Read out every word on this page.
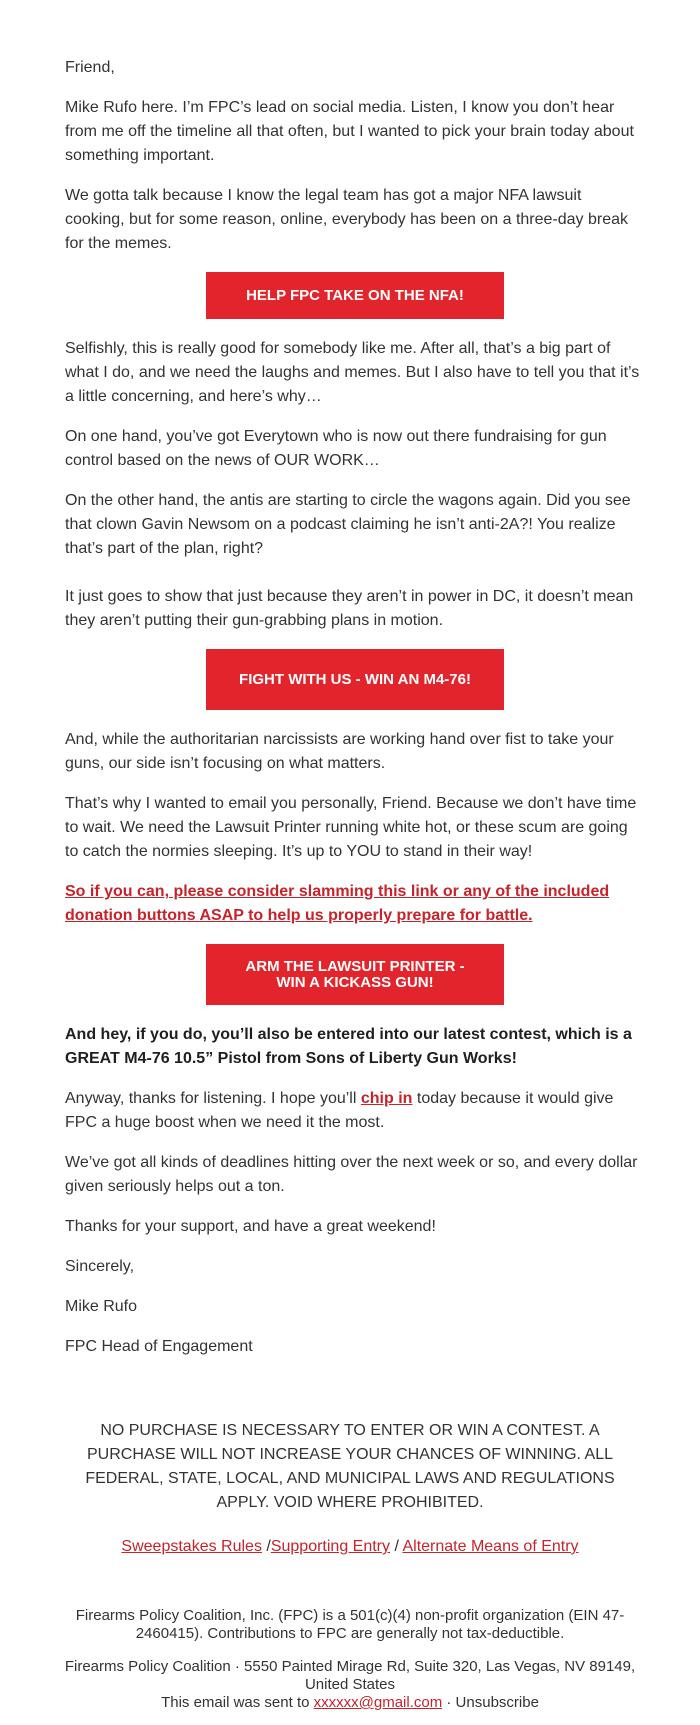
Friend,

Mike Rufo here. I’m FPC’s lead on social media. Listen, I know you don’t hear from me off the timeline all that often, but I wanted to pick your brain today about something important.

We gotta talk because I know the legal team has got a major NFA lawsuit cooking, but for some reason, online, everybody has been on a three-day break for the memes.

HELP FPC TAKE ON THE NFA!

Selfishly, this is really good for somebody like me. After all, that’s a big part of what I do, and we need the laughs and memes. But I also have to tell you that it’s a little concerning, and here’s why…

On one hand, you’ve got Everytown who is now out there fundraising for gun control based on the news of OUR WORK…

On the other hand, the antis are starting to circle the wagons again. Did you see that clown Gavin Newsom on a podcast claiming he isn’t anti-2A?! You realize that’s part of the plan, right?

It just goes to show that just because they aren’t in power in DC, it doesn’t mean they aren’t putting their gun-grabbing plans in motion.

FIGHT WITH US - WIN AN M4-76!

And, while the authoritarian narcissists are working hand over fist to take your guns, our side isn’t focusing on what matters.

That’s why I wanted to email you personally, Friend. Because we don’t have time to wait. We need the Lawsuit Printer running white hot, or these scum are going to catch the normies sleeping. It’s up to YOU to stand in their way!

So if you can, please consider slamming this link or any of the included donation buttons ASAP to help us properly prepare for battle.

ARM THE LAWSUIT PRINTER - WIN A KICKASS GUN!

And hey, if you do, you’ll also be entered into our latest contest, which is a GREAT M4-76 10.5” Pistol from Sons of Liberty Gun Works!

Anyway, thanks for listening. I hope you’ll chip in today because it would give FPC a huge boost when we need it the most.

We’ve got all kinds of deadlines hitting over the next week or so, and every dollar given seriously helps out a ton.

Thanks for your support, and have a great weekend!

Sincerely,

Mike Rufo

FPC Head of Engagement

NO PURCHASE IS NECESSARY TO ENTER OR WIN A CONTEST. A PURCHASE WILL NOT INCREASE YOUR CHANCES OF WINNING. ALL FEDERAL, STATE, LOCAL, AND MUNICIPAL LAWS AND REGULATIONS APPLY. VOID WHERE PROHIBITED.
Sweepstakes Rules /Supporting Entry / Alternate Means of Entry

Firearms Policy Coalition, Inc. (FPC) is a 501(c)(4) non-profit organization (EIN 47-2460415). Contributions to FPC are generally not tax-deductible.

Firearms Policy Coalition · 5550 Painted Mirage Rd, Suite 320, Las Vegas, NV 89149, United States

This email was sent to xxxxxx@gmail.com · Unsubscribe
